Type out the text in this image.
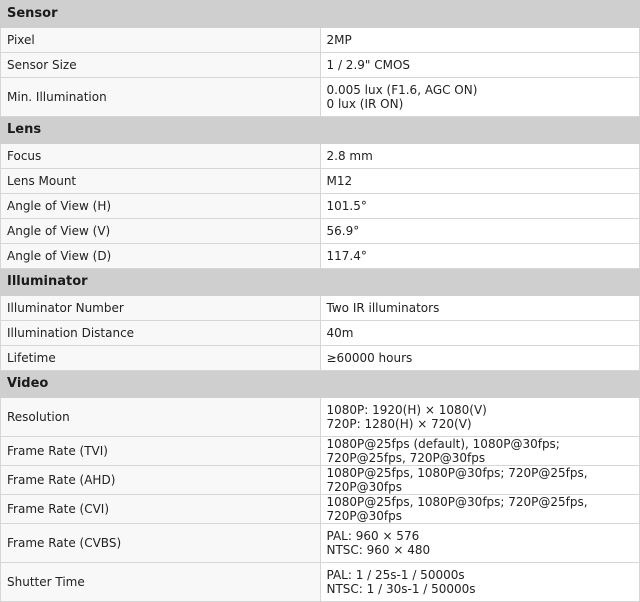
Sensor	
Pixel	2MP

Sensor Size	1 / 2.9" CMOS

Min. Illumination	0.005 lux (F1.6, AGC ON)
0 lux (IR ON)

Lens	
Focus	2.8 mm

Lens Mount	M12

Angle of View (H)	101.5°

Angle of View (V)	56.9°

Angle of View (D)	117.4°

Illuminator	
Illuminator Number	Two IR illuminators

Illumination Distance	40m

Lifetime	≥60000 hours

Video	
Resolution	1080P: 1920(H) × 1080(V)
720P: 1280(H) × 720(V)

Frame Rate (TVI)	1080P@25fps (default), 1080P@30fps; 720P@25fps, 720P@30fps

Frame Rate (AHD)	1080P@25fps, 1080P@30fps; 720P@25fps, 720P@30fps

Frame Rate (CVI)	1080P@25fps, 1080P@30fps; 720P@25fps, 720P@30fps

Frame Rate (CVBS)	PAL: 960 × 576
NTSC: 960 × 480

Shutter Time	PAL: 1 / 25s-1 / 50000s
NTSC: 1 / 30s-1 / 50000s
